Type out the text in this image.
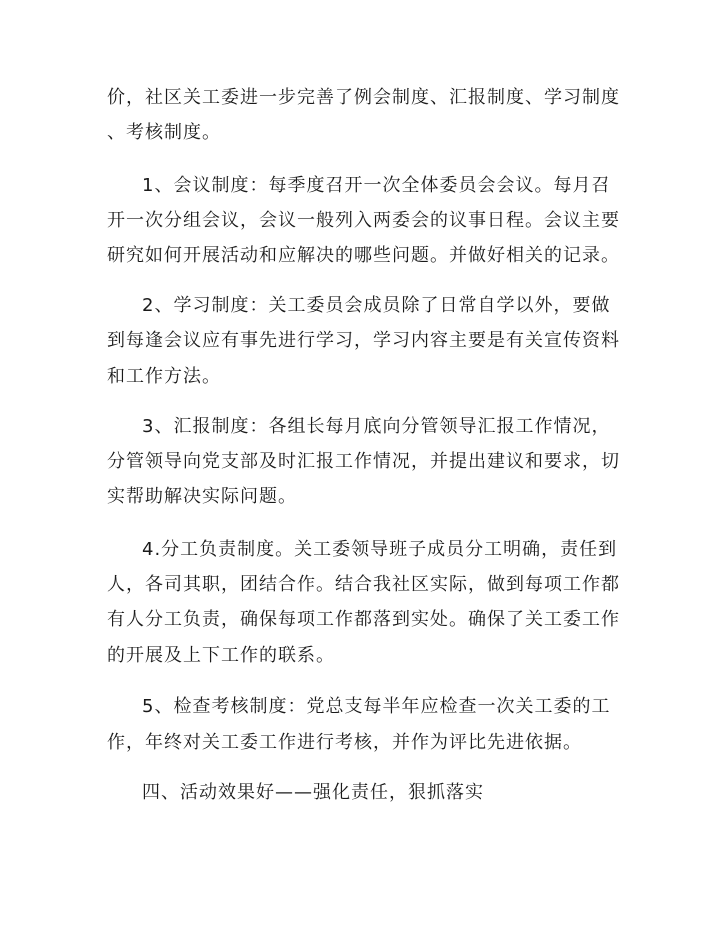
价，社区关工委进一步完善了例会制度、汇报制度、学习制度
、考核制度。
1、会议制度：每季度召开一次全体委员会会议。每月召
开一次分组会议，会议一般列入两委会的议事日程。会议主要
研究如何开展活动和应解决的哪些问题。并做好相关的记录。
2、学习制度：关工委员会成员除了日常自学以外，要做
到每逢会议应有事先进行学习，学习内容主要是有关宣传资料
和工作方法。
3、汇报制度：各组长每月底向分管领导汇报工作情况，
分管领导向党支部及时汇报工作情况，并提出建议和要求，切
实帮助解决实际问题。
4.分工负责制度。关工委领导班子成员分工明确，责任到
人，各司其职，团结合作。结合我社区实际，做到每项工作都
有人分工负责，确保每项工作都落到实处。确保了关工委工作
的开展及上下工作的联系。
5、检查考核制度：党总支每半年应检查一次关工委的工
作，年终对关工委工作进行考核，并作为评比先进依据。
四、活动效果好——强化责任，狠抓落实
